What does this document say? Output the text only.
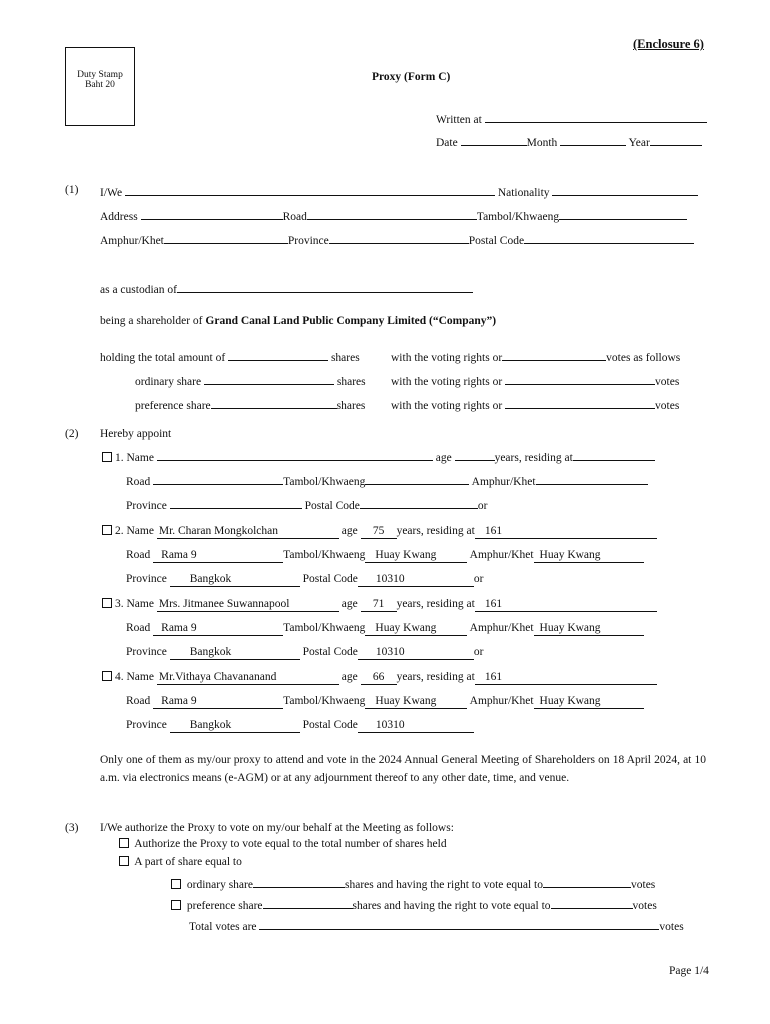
(Enclosure 6)
Duty Stamp
Baht 20
Proxy (Form C)
Written at
Date	Month	Year
(1) I/We	Nationality
Address	Road	Tambol/Khwaeng
Amphur/Khet	Province	Postal Code
as a custodian of
being a shareholder of Grand Canal Land Public Company Limited (“Company”)
holding the total amount of	shares	with the voting rights or	votes as follows
ordinary share	shares with the voting rights or	votes
preference share	shares with the voting rights or	votes
(2) Hereby appoint
1. Name	age	years, residing at
Road	Tambol/Khwaeng	Amphur/Khet
Province	Postal Code	or
2. Name Mr. Charan Mongkolchan	age 75 years, residing at 161
Road Rama 9	Tambol/Khwaeng Huay Kwang	Amphur/Khet Huay Kwang
Province Bangkok	Postal Code 10310	or
3. Name Mrs. Jitmanee Suwannapool	age 71 years, residing at 161
Road Rama 9	Tambol/Khwaeng Huay Kwang	Amphur/Khet Huay Kwang
Province Bangkok	Postal Code 10310	or
4. Name Mr.Vithaya Chavananand	age 66 years, residing at 161
Road Rama 9	Tambol/Khwaeng Huay Kwang	Amphur/Khet Huay Kwang
Province Bangkok	Postal Code 10310
Only one of them as my/our proxy to attend and vote in the 2024 Annual General Meeting of Shareholders on 18 April 2024, at 10 a.m. via electronics means (e-AGM) or at any adjournment thereof to any other date, time, and venue.
(3) I/We authorize the Proxy to vote on my/our behalf at the Meeting as follows:
Authorize the Proxy to vote equal to the total number of shares held
A part of share equal to
ordinary share	shares and having the right to vote equal to	votes
preference share	shares and having the right to vote equal to	votes
Total votes are	votes
Page 1/4
